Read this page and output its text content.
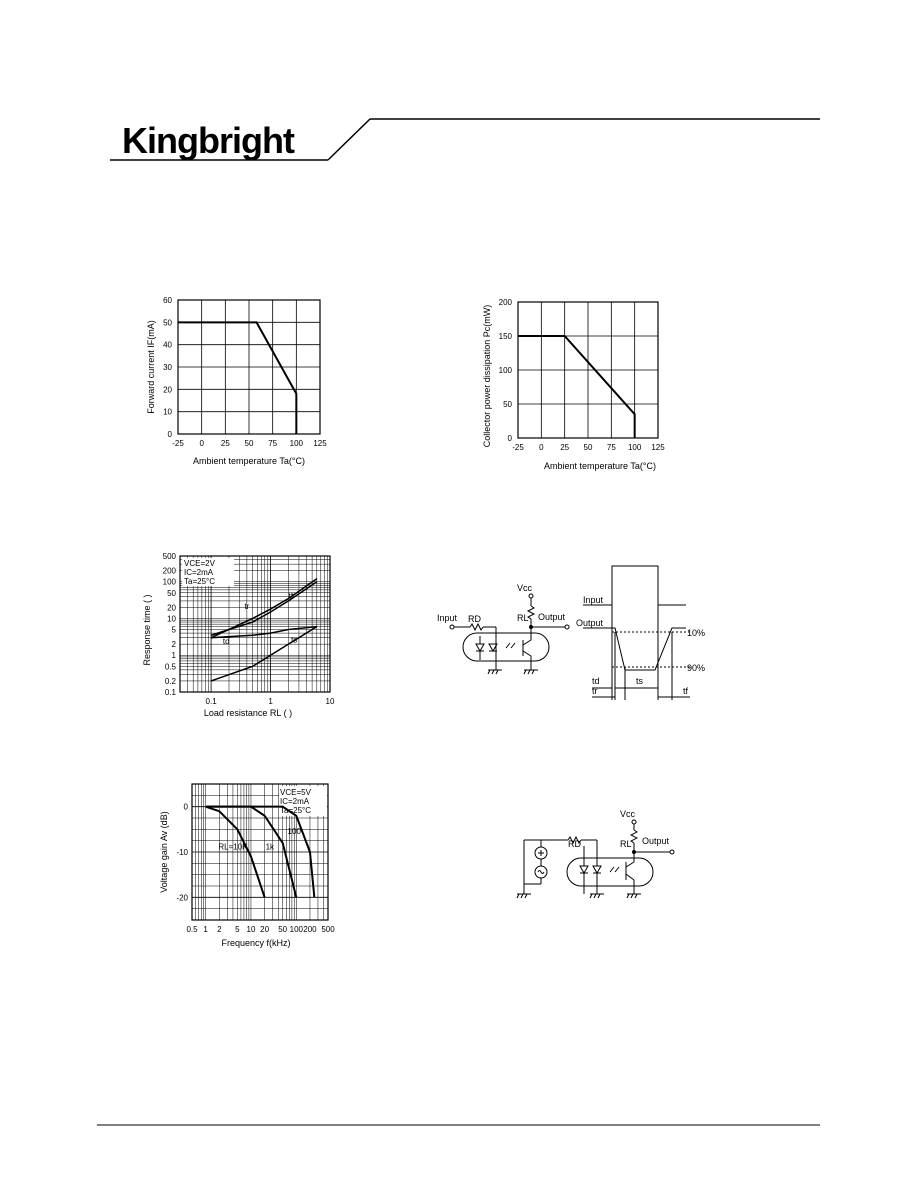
Kingbright
-25 0 25 50 75 100 125
0
10
20
30
40
50
60
Ambient temperature Ta(°C)
Forward current IF(mA)
-25 0 25 50 75 100 125
0
50
100
150
200
Ambient temperature Ta(°C)
Collector power dissipation Pc(mW)
VCE=2V
IC=2mA
Ta=25°C
tr
tf
td	ts
0.1	1	10
500
200
100
50
20
10
5
2
1
0.5
0.2
0.1
Load resistance RL ( )
Response time ( )
VCE=5V
IC=2mA
Ta=25°C
RL=10K 1k
100
0.5 1 2 5 10 20 50 100 200 500
0
-10
-20
Frequency f(kHz)
Voltage gain Av (dB)
Vcc
RL Output
Input RD
Input
Output
10%
90%
td
tr
ts
tf
Vcc
RL Output
RD
